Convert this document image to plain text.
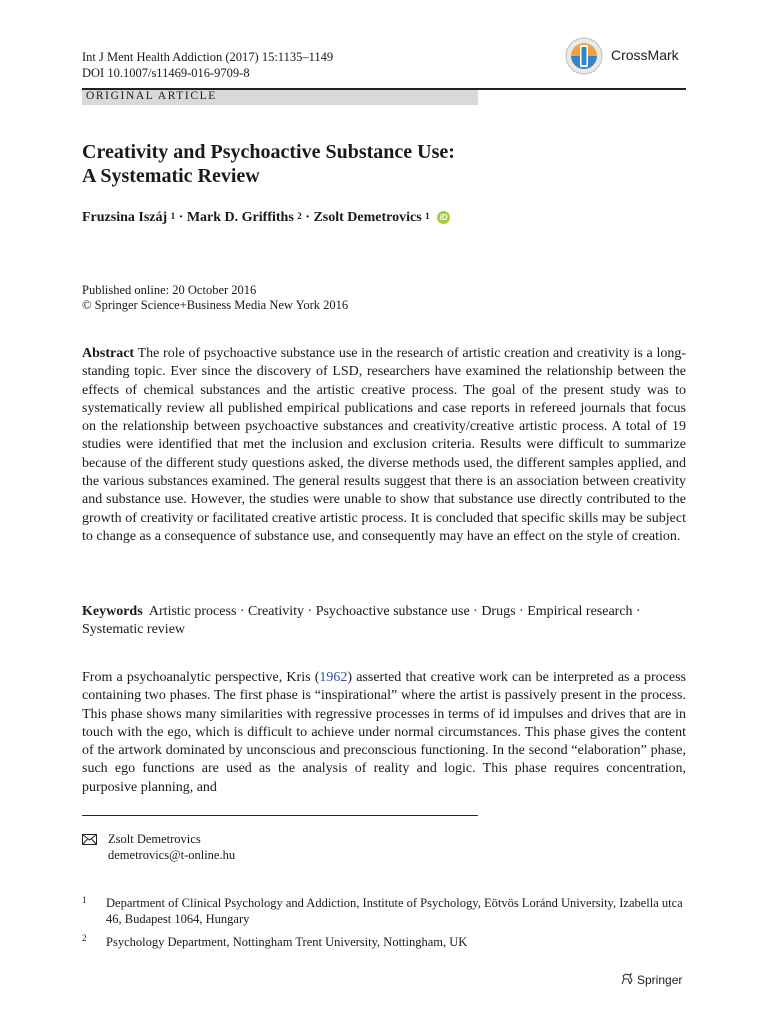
Int J Ment Health Addiction (2017) 15:1135–1149
DOI 10.1007/s11469-016-9709-8
CrossMark
ORIGINAL ARTICLE
Creativity and Psychoactive Substance Use:
A Systematic Review
Fruzsina Iszáj $^1$ · Mark D. Griffiths $^2$ · Zsolt Demetrovics $^1$ iD
Published online: 20 October 2016
© Springer Science+Business Media New York 2016
Abstract The role of psychoactive substance use in the research of artistic creation and creativity is a long-standing topic. Ever since the discovery of LSD, researchers have examined the relationship between the effects of chemical substances and the artistic creative process. The goal of the present study was to systematically review all published empirical publications and case reports in refereed journals that focus on the relationship between psychoactive substances and creativity/creative artistic process. A total of 19 studies were identified that met the inclusion and exclusion criteria. Results were difficult to summarize because of the different study questions asked, the diverse methods used, the different samples applied, and the various substances examined. The general results suggest that there is an association between creativity and substance use. However, the studies were unable to show that substance use directly contributed to the growth of creativity or facilitated creative artistic process. It is concluded that specific skills may be subject to change as a consequence of substance use, and consequently may have an effect on the style of creation.
Keywords Artistic process · Creativity · Psychoactive substance use · Drugs · Empirical research · Systematic review
From a psychoanalytic perspective, Kris (1962) asserted that creative work can be interpreted as a process containing two phases. The first phase is “inspirational” where the artist is passively present in the process. This phase shows many similarities with regressive processes in terms of id impulses and drives that are in touch with the ego, which is difficult to achieve under normal circumstances. This phase gives the content of the artwork dominated by unconscious and preconscious functioning. In the second “elaboration” phase, such ego functions are used as the analysis of reality and logic. This phase requires concentration, purposive planning, and
Zsolt Demetrovics
demetrovics@t-online.hu
1 Department of Clinical Psychology and Addiction, Institute of Psychology, Eötvös Loránd University, Izabella utca 46, Budapest 1064, Hungary
2 Psychology Department, Nottingham Trent University, Nottingham, UK
Springer
